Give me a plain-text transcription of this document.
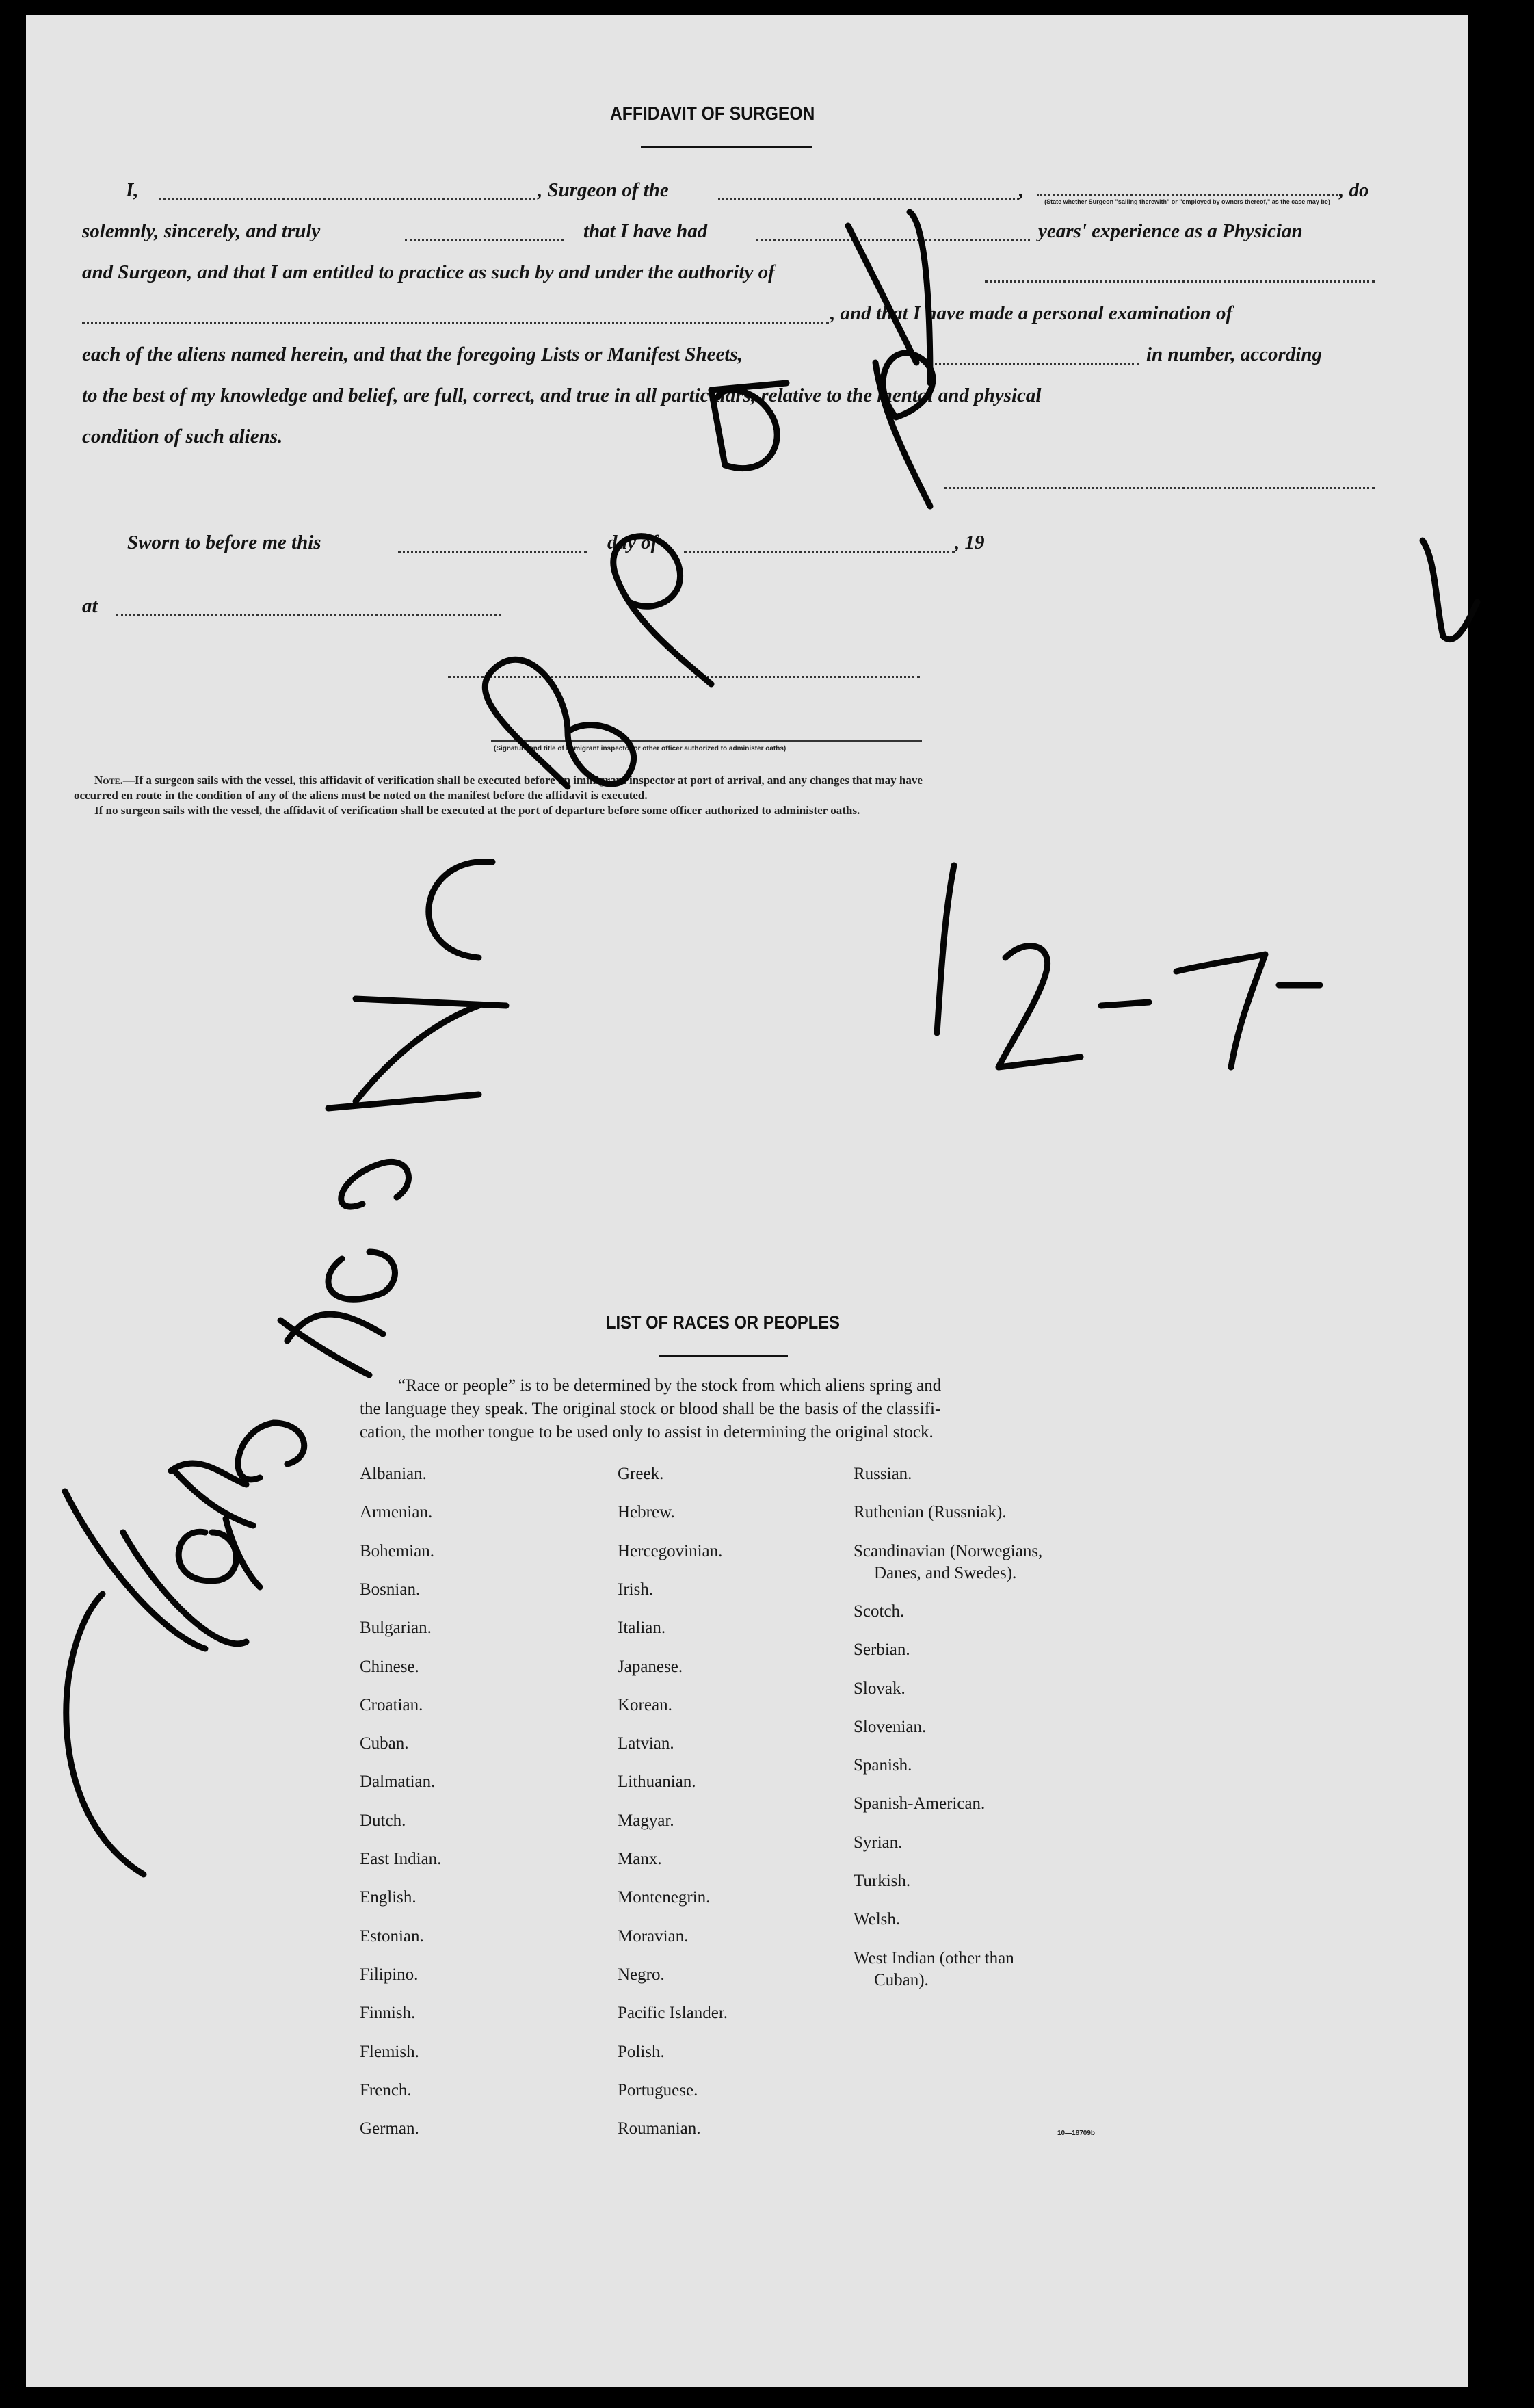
AFFIDAVIT OF SURGEON
I,	, Surgeon of the	,
(State whether Surgeon "sailing therewith" or "employed by owners thereof," as the case may be)
, do
solemnly, sincerely, and truly	that I have had	years' experience as a Physician
and Surgeon, and that I am entitled to practice as such by and under the authority of
, and that I have made a personal examination of
each of the aliens named herein, and that the foregoing Lists or Manifest Sheets,	in number, according
to the best of my knowledge and belief, are full, correct, and true in all particulars, relative to the mental and physical
condition of such aliens.
Sworn to before me this	day of	, 19
at
(Signature and title of immigrant inspector or other officer authorized to administer oaths)
Note.—If a surgeon sails with the vessel, this affidavit of verification shall be executed before an immigrant inspector at port of arrival, and any changes that may have
occurred en route in the condition of any of the aliens must be noted on the manifest before the affidavit is executed.
If no surgeon sails with the vessel, the affidavit of verification shall be executed at the port of departure before some officer authorized to administer oaths.
LIST OF RACES OR PEOPLES
“Race or people” is to be determined by the stock from which aliens spring and
the language they speak. The original stock or blood shall be the basis of the classifi-
cation, the mother tongue to be used only to assist in determining the original stock.
Albanian.
Armenian.
Bohemian.
Bosnian.
Bulgarian.
Chinese.
Croatian.
Cuban.
Dalmatian.
Dutch.
East Indian.
English.
Estonian.
Filipino.
Finnish.
Flemish.
French.
German.
Greek.
Hebrew.
Hercegovinian.
Irish.
Italian.
Japanese.
Korean.
Latvian.
Lithuanian.
Magyar.
Manx.
Montenegrin.
Moravian.
Negro.
Pacific Islander.
Polish.
Portuguese.
Roumanian.
Russian.
Ruthenian (Russniak).
Scandinavian (Norwegians,
Danes, and Swedes).
Scotch.
Serbian.
Slovak.
Slovenian.
Spanish.
Spanish-American.
Syrian.
Turkish.
Welsh.
West Indian (other than
Cuban).
10—18709b
